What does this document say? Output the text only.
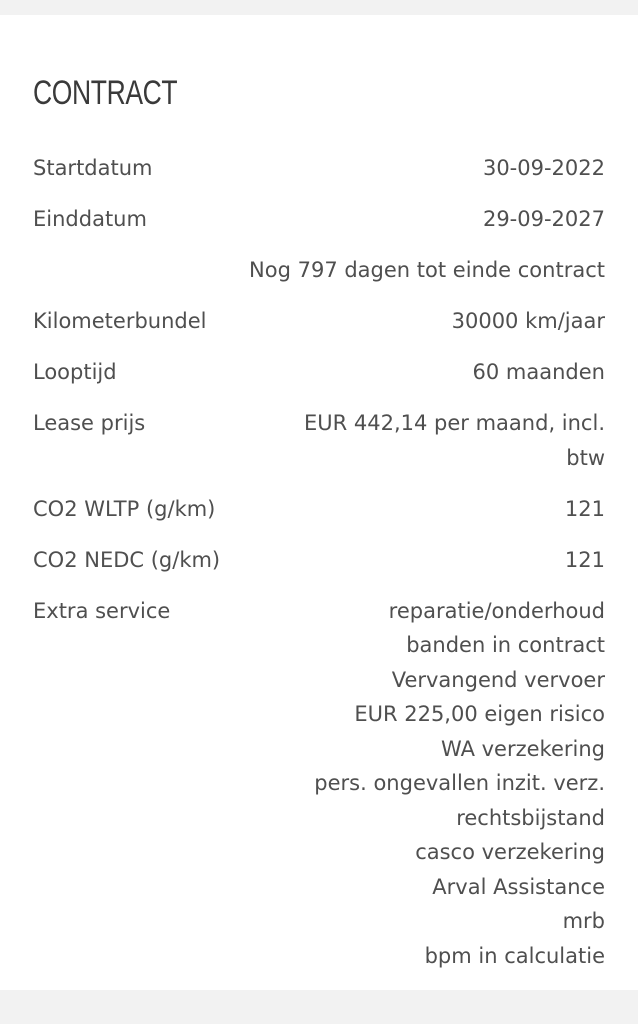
CONTRACT
Startdatum	30-09-2022
Einddatum	29-09-2027
Nog 797 dagen tot einde contract
Kilometerbundel	30000 km/jaar
Looptijd	60 maanden
Lease prijs	EUR 442,14 per maand, incl. btw
CO2 WLTP (g/km)	121
CO2 NEDC (g/km)	121
Extra service	reparatie/onderhoud
banden in contract
Vervangend vervoer
EUR 225,00 eigen risico
WA verzekering
pers. ongevallen inzit. verz.
rechtsbijstand
casco verzekering
Arval Assistance
mrb
bpm in calculatie
